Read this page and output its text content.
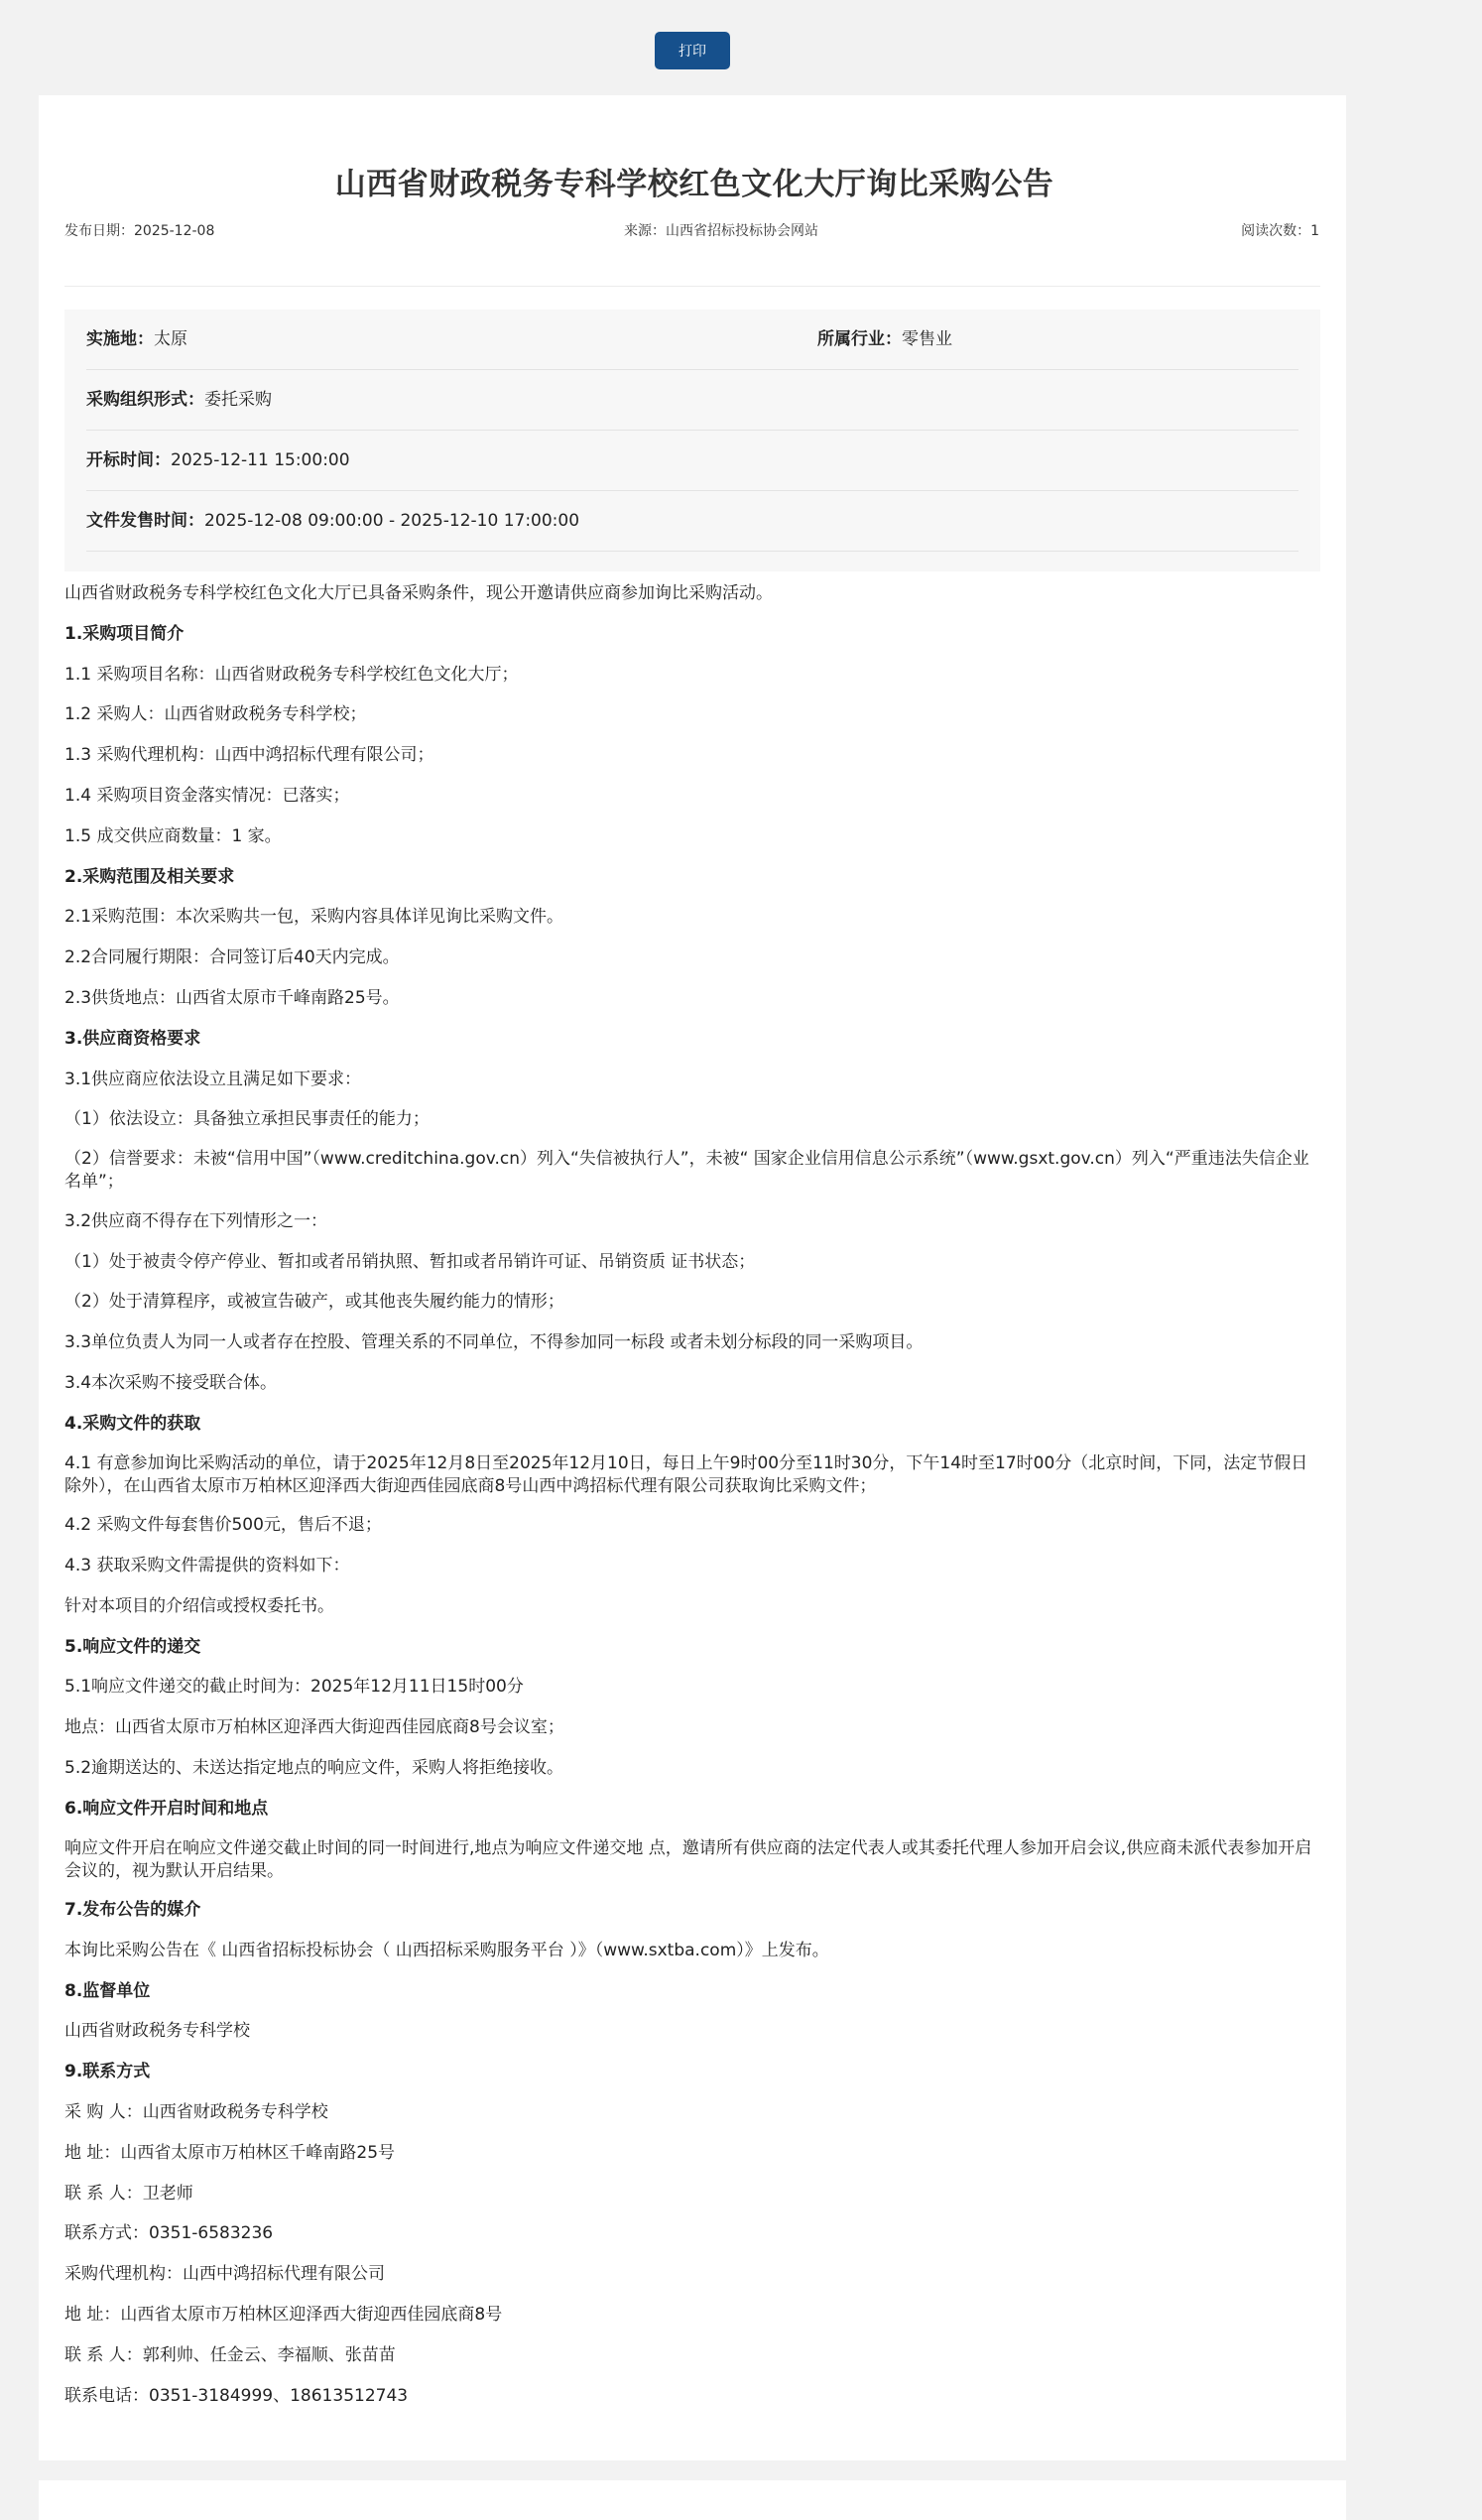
打印
山西省财政税务专科学校红色文化大厅询比采购公告
发布日期：2025-12-08	来源：山西省招标投标协会网站	阅读次数：1
实施地：太原	所属行业：零售业
采购组织形式：委托采购
开标时间：2025-12-11 15:00:00
文件发售时间：2025-12-08 09:00:00 - 2025-12-10 17:00:00

山西省财政税务专科学校红色文化大厅已具备采购条件，现公开邀请供应商参加询比采购活动。

1.采购项目简介

1.1 采购项目名称：山西省财政税务专科学校红色文化大厅；

1.2 采购人：山西省财政税务专科学校；

1.3 采购代理机构：山西中鸿招标代理有限公司；

1.4 采购项目资金落实情况：已落实；

1.5 成交供应商数量：1 家。

2.采购范围及相关要求

2.1采购范围：本次采购共一包，采购内容具体详见询比采购文件。

2.2合同履行期限：合同签订后40天内完成。

2.3供货地点：山西省太原市千峰南路25号。

3.供应商资格要求

3.1供应商应依法设立且满足如下要求：

（1）依法设立：具备独立承担民事责任的能力；

（2）信誉要求：未被“信用中国”（www.creditchina.gov.cn）列入“失信被执行人”，未被“ 国家企业信用信息公示系统”（www.gsxt.gov.cn）列入“严重违法失信企业名单”；

3.2供应商不得存在下列情形之一：

（1）处于被责令停产停业、暂扣或者吊销执照、暂扣或者吊销许可证、吊销资质 证书状态；

（2）处于清算程序，或被宣告破产，或其他丧失履约能力的情形；

3.3单位负责人为同一人或者存在控股、管理关系的不同单位，不得参加同一标段 或者未划分标段的同一采购项目。

3.4本次采购不接受联合体。

4.采购文件的获取

4.1 有意参加询比采购活动的单位，请于2025年12月8日至2025年12月10日，每日上午9时00分至11时30分，下午14时至17时00分（北京时间，下同，法定节假日除外），在山西省太原市万柏林区迎泽西大街迎西佳园底商8号山西中鸿招标代理有限公司获取询比采购文件；

4.2 采购文件每套售价500元，售后不退；

4.3 获取采购文件需提供的资料如下：

针对本项目的介绍信或授权委托书。

5.响应文件的递交

5.1响应文件递交的截止时间为：2025年12月11日15时00分

地点：山西省太原市万柏林区迎泽西大街迎西佳园底商8号会议室；

5.2逾期送达的、未送达指定地点的响应文件，采购人将拒绝接收。

6.响应文件开启时间和地点

响应文件开启在响应文件递交截止时间的同一时间进行,地点为响应文件递交地 点，邀请所有供应商的法定代表人或其委托代理人参加开启会议,供应商未派代表参加开启会议的，视为默认开启结果。

7.发布公告的媒介

本询比采购公告在《 山西省招标投标协会（ 山西招标采购服务平台 ）》（www.sxtba.com）》上发布。

8.监督单位

山西省财政税务专科学校

9.联系方式

采 购 人：山西省财政税务专科学校

地 址：山西省太原市万柏林区千峰南路25号

联 系 人：卫老师

联系方式：0351-6583236

采购代理机构：山西中鸿招标代理有限公司

地 址：山西省太原市万柏林区迎泽西大街迎西佳园底商8号

联 系 人：郭利帅、任金云、李福顺、张苗苗

联系电话：0351-3184999、18613512743
